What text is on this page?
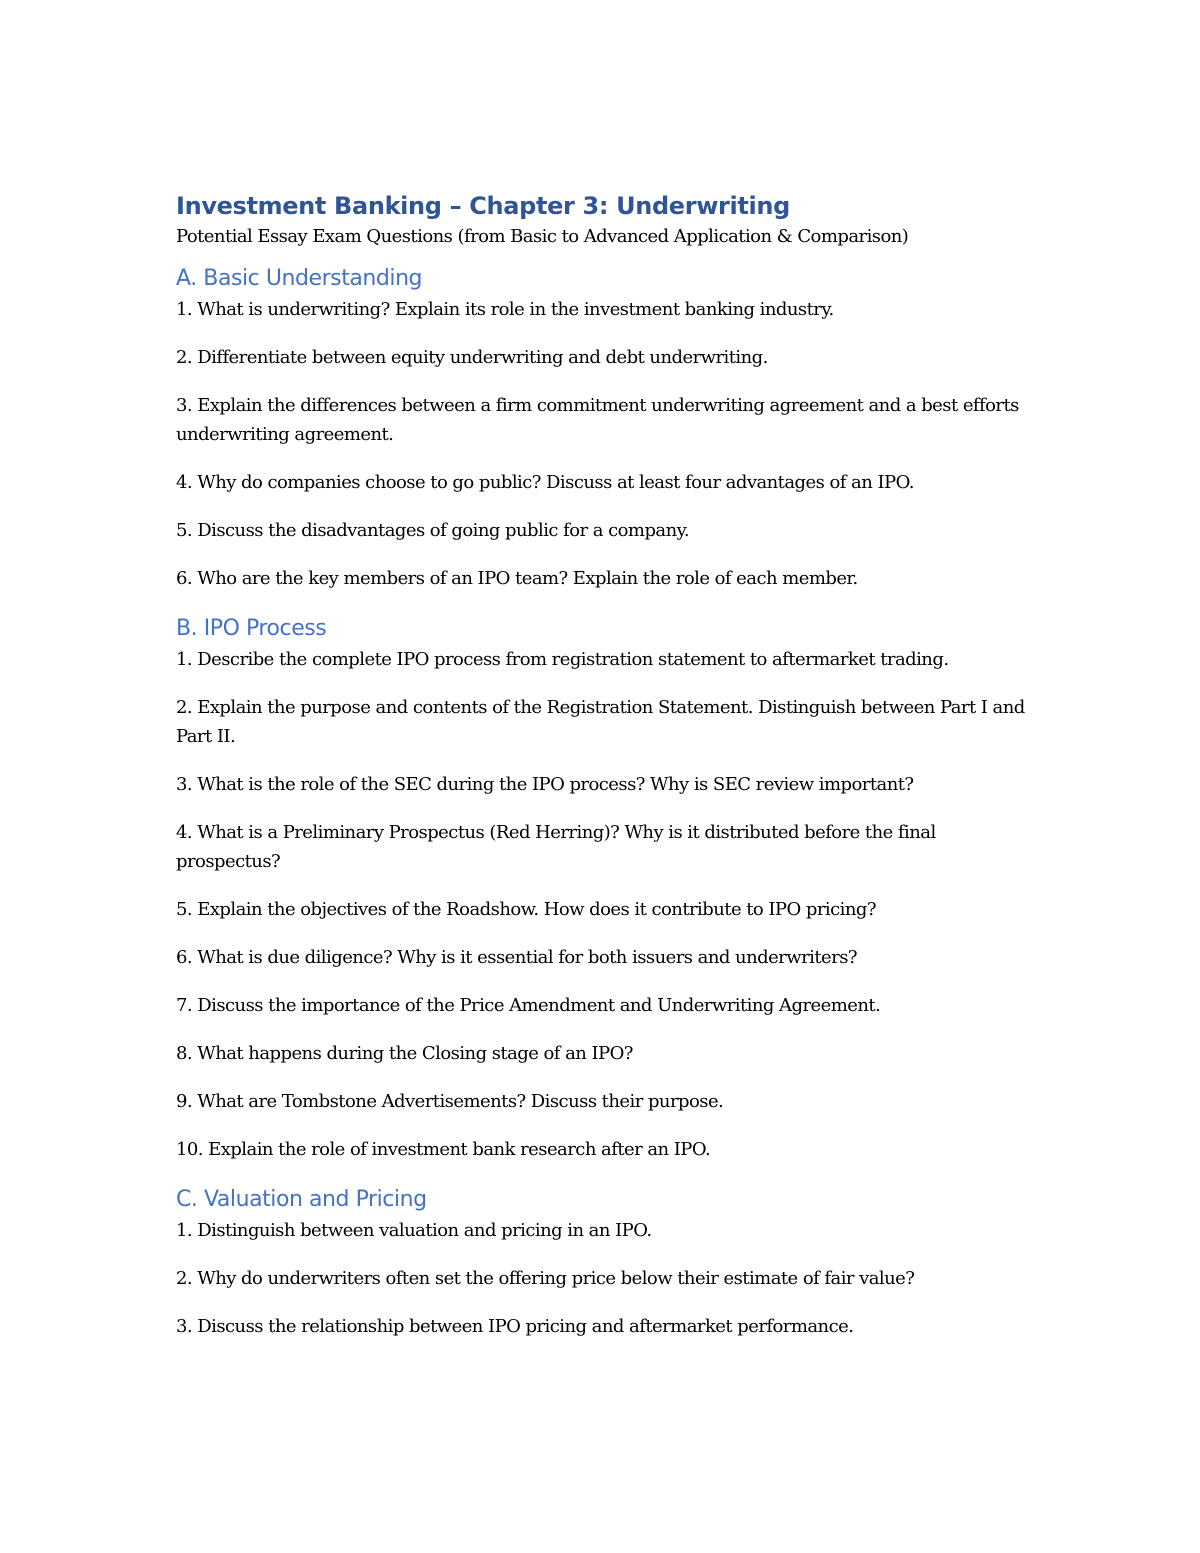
Investment Banking – Chapter 3: Underwriting

Potential Essay Exam Questions (from Basic to Advanced Application & Comparison)

A. Basic Understanding
1. What is underwriting? Explain its role in the investment banking industry.
2. Differentiate between equity underwriting and debt underwriting.
3. Explain the differences between a firm commitment underwriting agreement and a best efforts underwriting agreement.
4. Why do companies choose to go public? Discuss at least four advantages of an IPO.
5. Discuss the disadvantages of going public for a company.
6. Who are the key members of an IPO team? Explain the role of each member.
B. IPO Process
1. Describe the complete IPO process from registration statement to aftermarket trading.
2. Explain the purpose and contents of the Registration Statement. Distinguish between Part I and Part II.
3. What is the role of the SEC during the IPO process? Why is SEC review important?
4. What is a Preliminary Prospectus (Red Herring)? Why is it distributed before the final prospectus?
5. Explain the objectives of the Roadshow. How does it contribute to IPO pricing?
6. What is due diligence? Why is it essential for both issuers and underwriters?
7. Discuss the importance of the Price Amendment and Underwriting Agreement.
8. What happens during the Closing stage of an IPO?
9. What are Tombstone Advertisements? Discuss their purpose.
10. Explain the role of investment bank research after an IPO.
C. Valuation and Pricing
1. Distinguish between valuation and pricing in an IPO.
2. Why do underwriters often set the offering price below their estimate of fair value?
3. Discuss the relationship between IPO pricing and aftermarket performance.
